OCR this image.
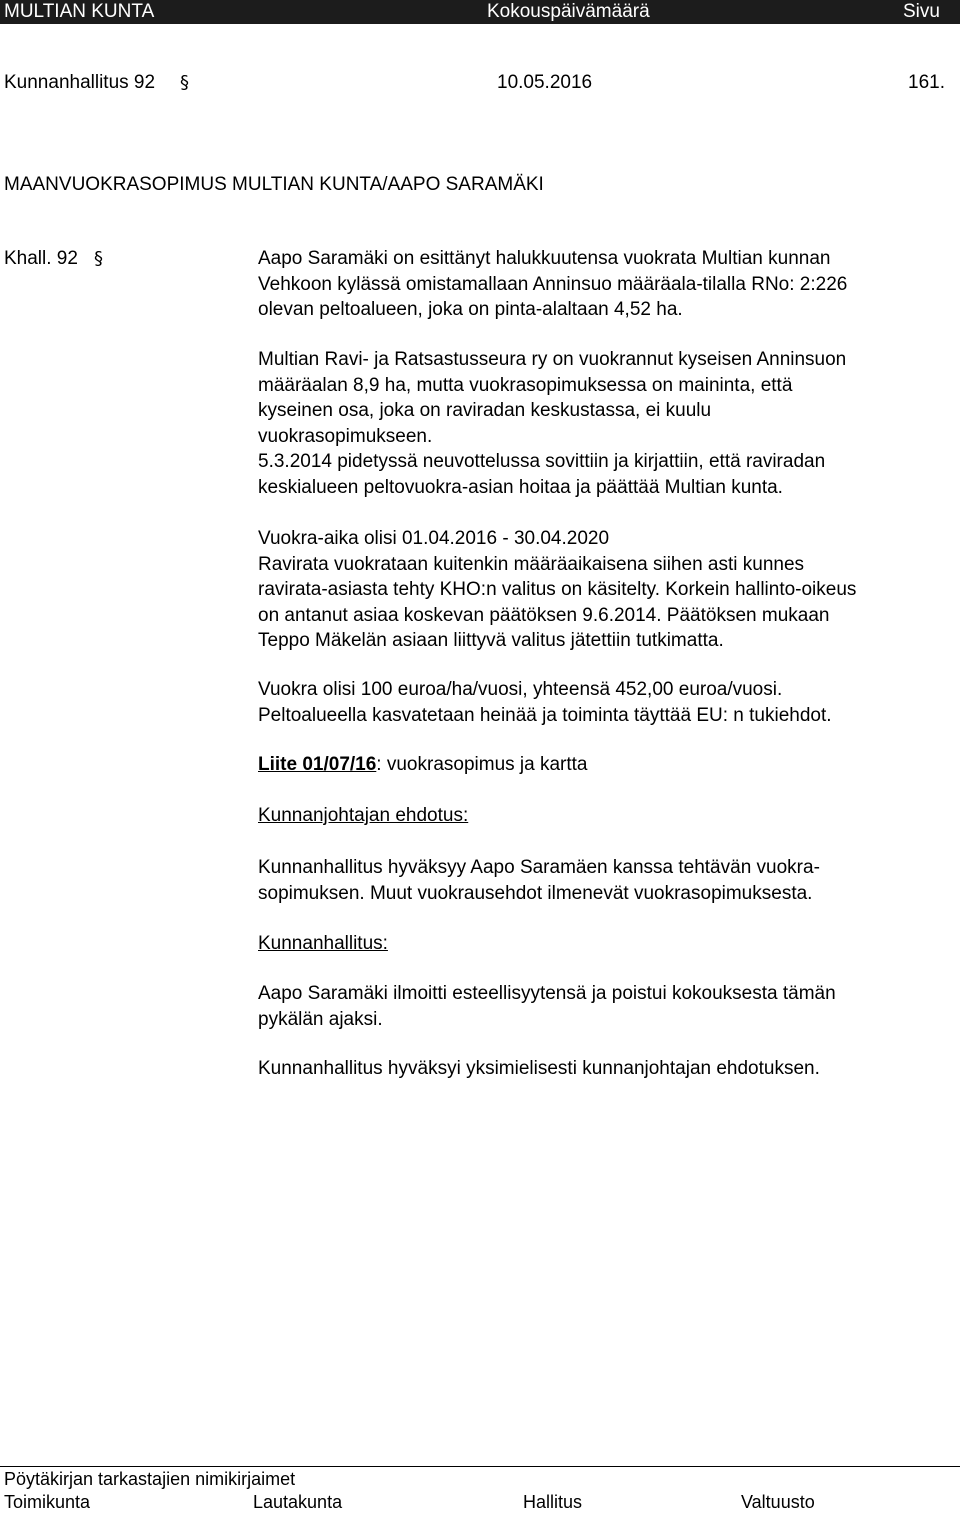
MULTIAN KUNTA	Kokouspäivämäärä	Sivu
Kunnanhallitus 92 §	10.05.2016	161.
MAANVUOKRASOPIMUS MULTIAN KUNTA/AAPO SARAMÄKI
Khall. 92 §	Aapo Saramäki on esittänyt halukkuutensa vuokrata Multian kunnan
Vehkoon kylässä omistamallaan Anninsuo määräala-tilalla RNo: 2:226
olevan peltoalueen, joka on pinta-alaltaan 4,52 ha.
Multian Ravi- ja Ratsastusseura ry on vuokrannut kyseisen Anninsuon
määräalan 8,9 ha, mutta vuokrasopimuksessa on maininta, että
kyseinen osa, joka on raviradan keskustassa, ei kuulu
vuokrasopimukseen.
5.3.2014 pidetyssä neuvottelussa sovittiin ja kirjattiin, että raviradan
keskialueen peltovuokra-asian hoitaa ja päättää Multian kunta.
Vuokra-aika olisi 01.04.2016 - 30.04.2020
Ravirata vuokrataan kuitenkin määräaikaisena siihen asti kunnes
ravirata-asiasta tehty KHO:n valitus on käsitelty. Korkein hallinto-oikeus
on antanut asiaa koskevan päätöksen 9.6.2014. Päätöksen mukaan
Teppo Mäkelän asiaan liittyvä valitus jätettiin tutkimatta.
Vuokra olisi 100 euroa/ha/vuosi, yhteensä 452,00 euroa/vuosi.
Peltoalueella kasvatetaan heinää ja toiminta täyttää EU: n tukiehdot.
Liite 01/07/16: vuokrasopimus ja kartta
Kunnanjohtajan ehdotus:
Kunnanhallitus hyväksyy Aapo Saramäen kanssa tehtävän vuokra-
sopimuksen. Muut vuokrausehdot ilmenevät vuokrasopimuksesta.
Kunnanhallitus:
Aapo Saramäki ilmoitti esteellisyytensä ja poistui kokouksesta tämän
pykälän ajaksi.
Kunnanhallitus hyväksyi yksimielisesti kunnanjohtajan ehdotuksen.
Pöytäkirjan tarkastajien nimikirjaimet
Toimikunta	Lautakunta	Hallitus	Valtuusto
